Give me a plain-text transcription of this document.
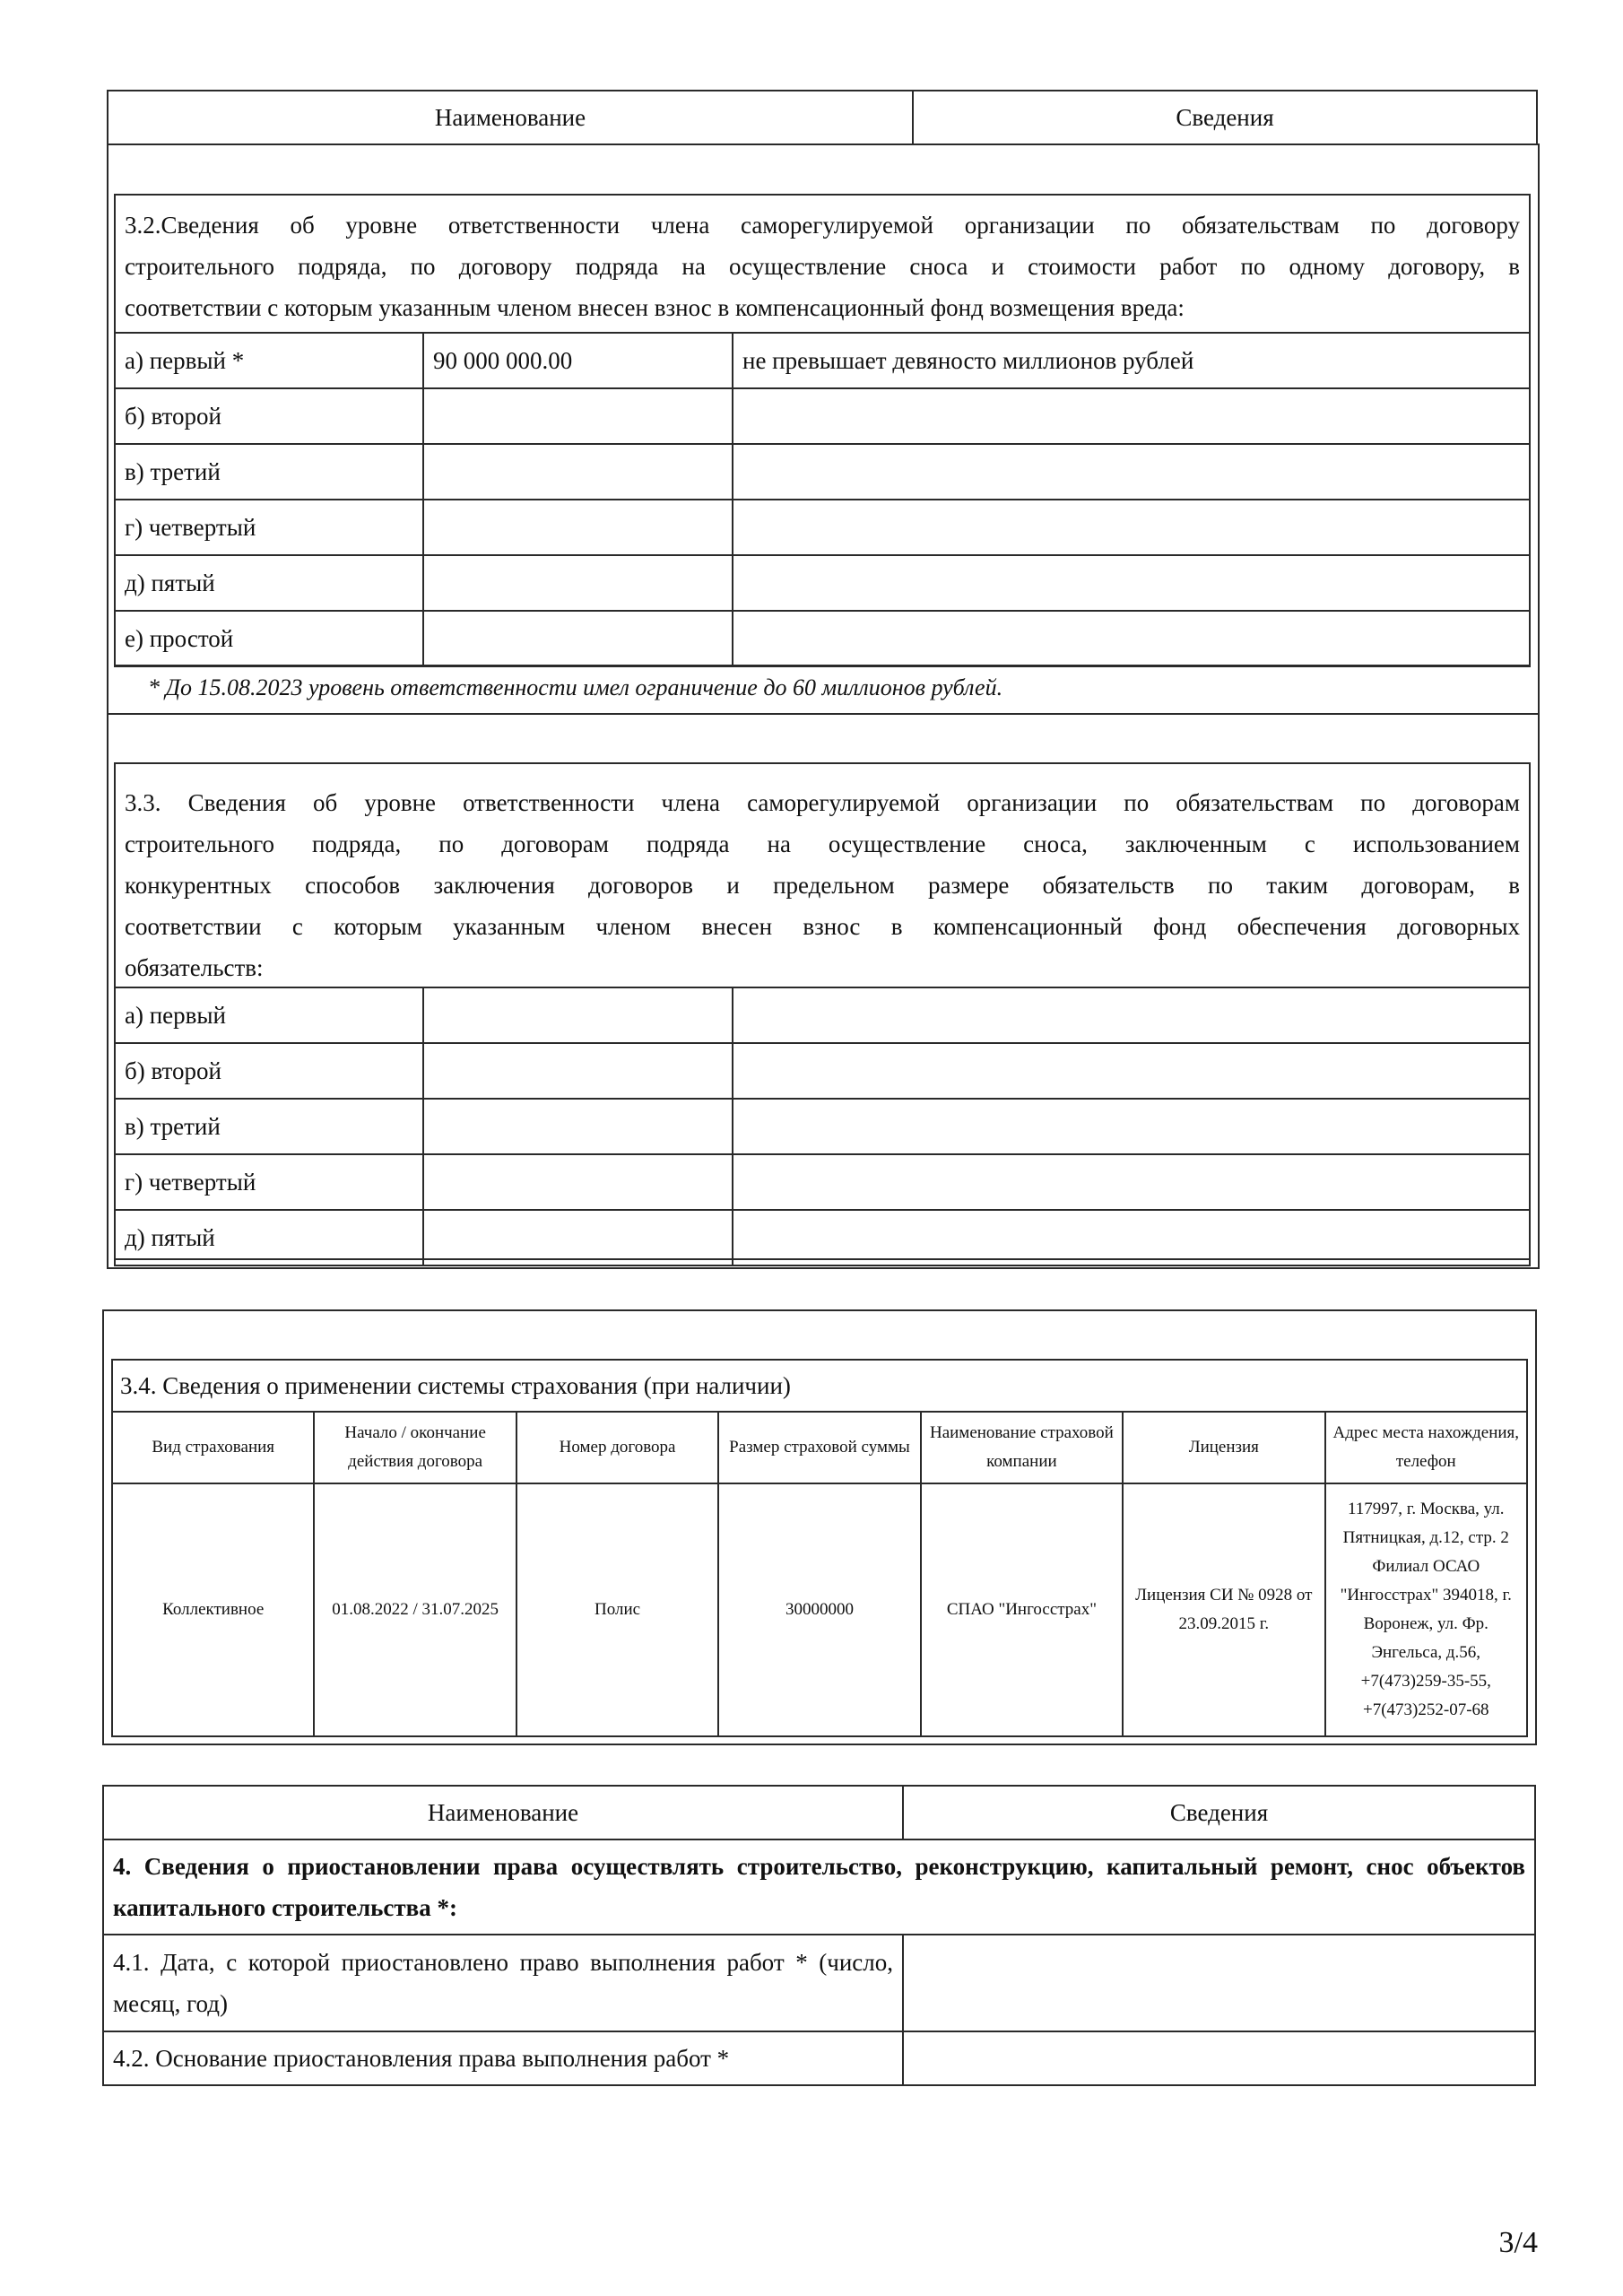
Наименование	Сведения
3.2.Сведения об уровне ответственности члена саморегулируемой организации по обязательствам по договору
строительного подряда, по договору подряда на осуществление сноса и стоимости работ по одному договору, в
соответствии с которым указанным членом внесен взнос в компенсационный фонд возмещения вреда:
а) первый *	90 000 000.00	не превышает девяносто миллионов рублей
б) второй		
в) третий		
г) четвертый		
д) пятый		
е) простой		
* До 15.08.2023 уровень ответственности имел ограничение до 60 миллионов рублей.
3.3. Сведения об уровне ответственности члена саморегулируемой организации по обязательствам по договорам
строительного подряда, по договорам подряда на осуществление сноса, заключенным с использованием
конкурентных способов заключения договоров и предельном размере обязательств по таким договорам, в
соответствии с которым указанным членом внесен взнос в компенсационный фонд обеспечения договорных
обязательств:
а) первый		
б) второй		
в) третий		
г) четвертый		
д) пятый		
3.4. Сведения о применении системы страхования (при наличии)						
Вид страхования	Начало / окончание действия договора	Номер договора	Размер страховой суммы	Наименование страховой компании	Лицензия	Адрес места нахождения, телефон
Коллективное	01.08.2022 / 31.07.2025	Полис	30000000	СПАО "Ингосстрах"	Лицензия СИ № 0928 от 23.09.2015 г.	117997, г. Москва, ул. Пятницкая, д.12, стр. 2 Филиал ОСАО "Ингосстрах" 394018, г. Воронеж, ул. Фр. Энгельса, д.56, +7(473)259-35-55, +7(473)252-07-68
Наименование	Сведения
4. Сведения о приостановлении права осуществлять строительство, реконструкцию, капитальный ремонт, снос объектов капитального строительства *:	
4.1. Дата, с которой приостановлено право выполнения работ * (число, месяц, год)	
4.2. Основание приостановления права выполнения работ *	
3/4
